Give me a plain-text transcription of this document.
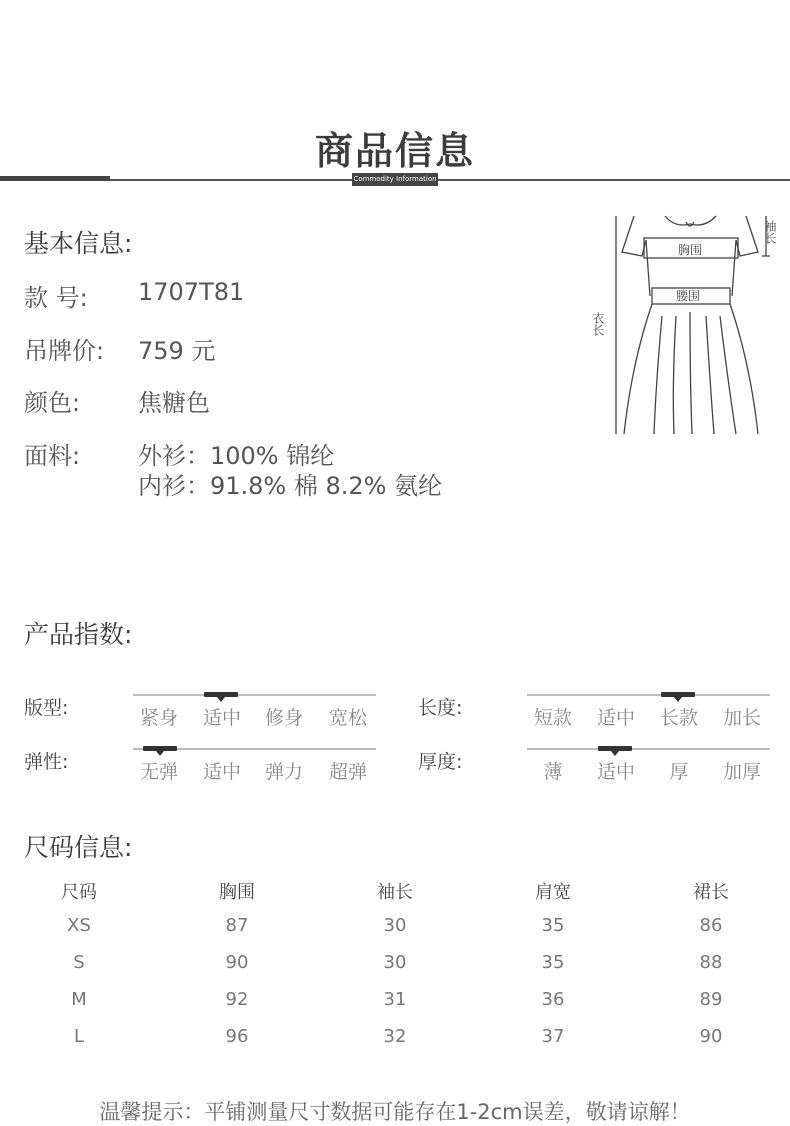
商品信息
Commodity Information
基本信息:
款 号: 1707T81
吊牌价: 759 元
颜色: 焦糖色
面料: 外衫：100% 锦纶
内衫：91.8% 棉 8.2% 氨纶
胸围
腰围
衣长
袖长
产品指数:
版型:	紧身	适中	修身	宽松	长度:	短款	适中	长款	加长
弹性:	无弹	适中	弹力	超弹	厚度:	薄	适中	厚	加厚
尺码信息:
尺码	胸围	袖长	肩宽	裙长
XS	87	30	35	86
S	90	30	35	88
M	92	31	36	89
L	96	32	37	90
温馨提示：平铺测量尺寸数据可能存在1-2cm误差，敬请谅解！
